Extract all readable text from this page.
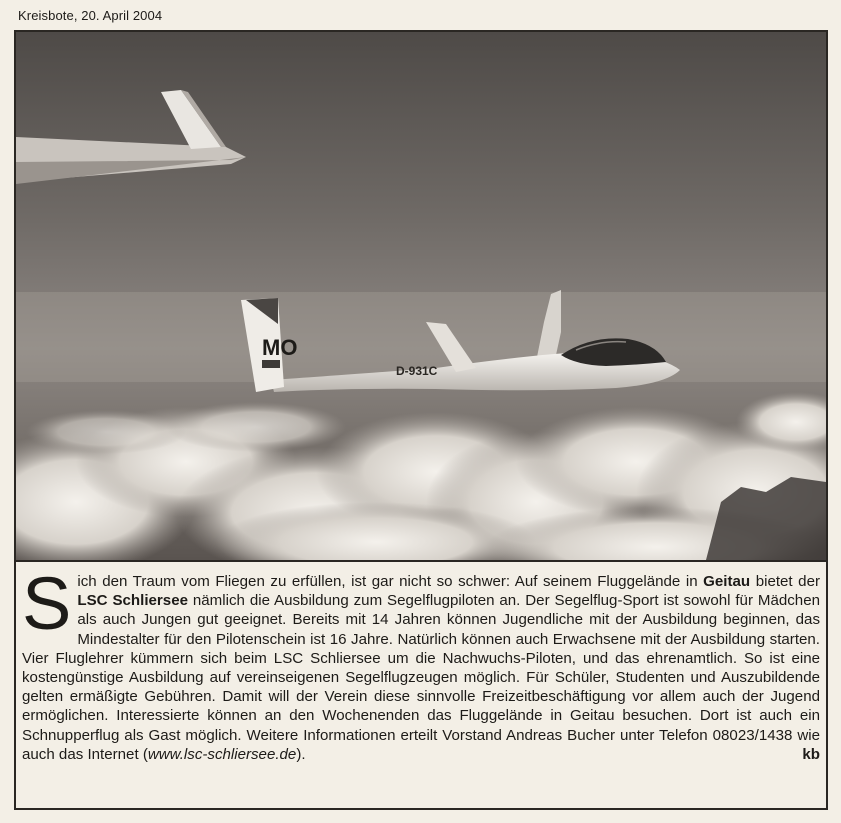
Kreisbote, 20. April 2004
MO
D-931C
Sich den Traum vom Fliegen zu erfüllen, ist gar nicht so schwer: Auf seinem Fluggelände in Geitau bietet der LSC Schliersee nämlich die Ausbildung zum Segelflugpiloten an. Der Segelflug-Sport ist sowohl für Mädchen als auch Jungen gut geeignet. Bereits mit 14 Jahren können Jugendliche mit der Ausbildung beginnen, das Mindestalter für den Pilotenschein ist 16 Jahre. Natürlich können auch Erwachsene mit der Ausbildung starten. Vier Fluglehrer kümmern sich beim LSC Schliersee um die Nachwuchs-Piloten, und das ehrenamtlich. So ist eine kostengünstige Ausbildung auf vereinseigenen Segelflugzeugen möglich. Für Schüler, Studenten und Auszubildende gelten ermäßigte Gebühren. Damit will der Verein diese sinnvolle Freizeitbeschäftigung vor allem auch der Jugend ermöglichen. Interessierte können an den Wochenenden das Fluggelände in Geitau besuchen. Dort ist auch ein Schnupperflug als Gast möglich. Weitere Informationen erteilt Vorstand Andreas Bucher unter Telefon 08023/1438 wie auch das Internet (www.lsc-schliersee.de).	kb
